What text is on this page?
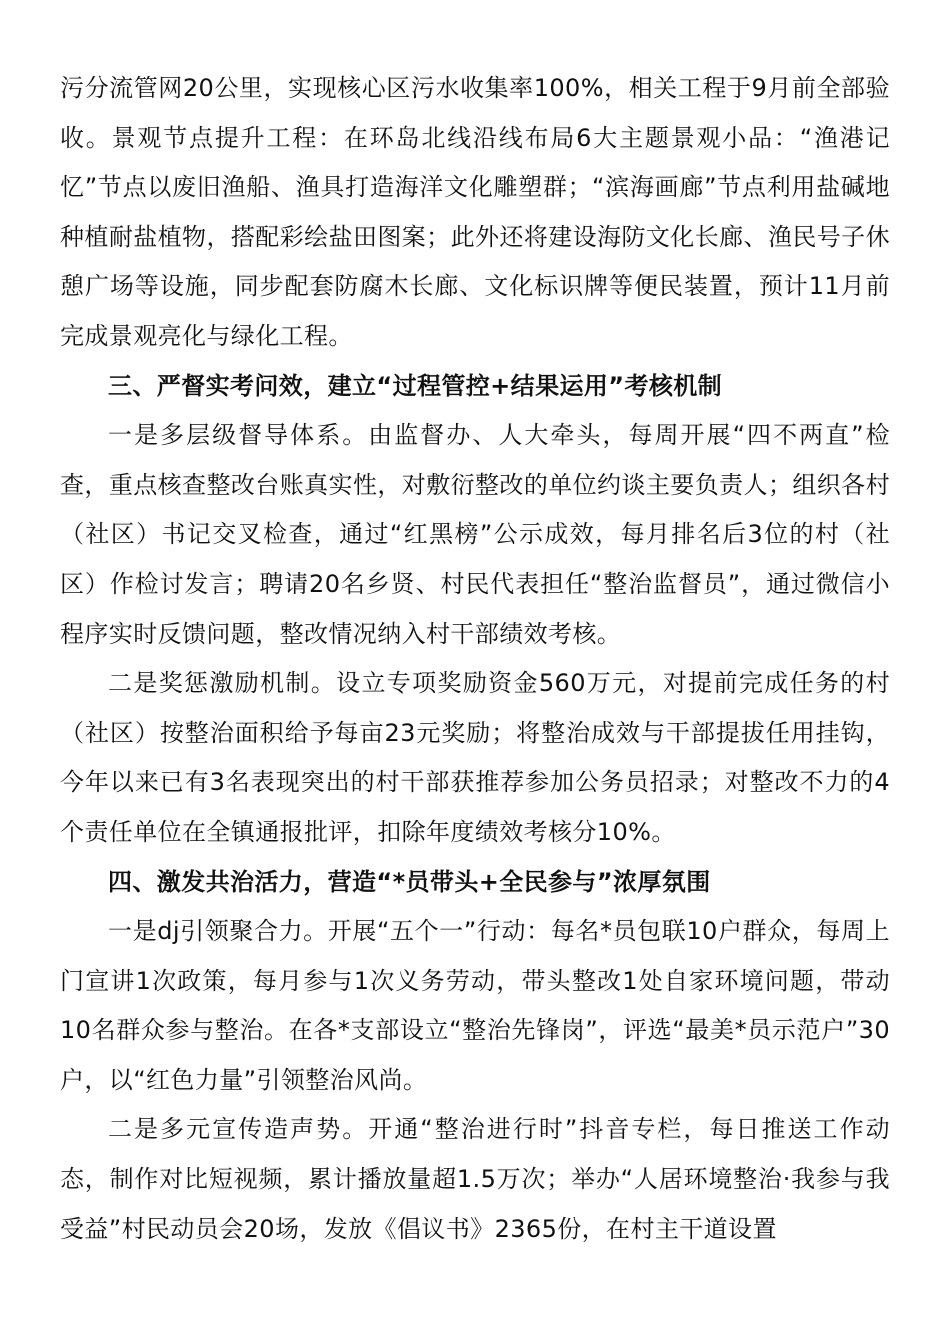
污分流管网20公里，实现核心区污水收集率100%，相关工程于9月前全部验收。景观节点提升工程：在环岛北线沿线布局6大主题景观小品：“渔港记忆”节点以废旧渔船、渔具打造海洋文化雕塑群；“滨海画廊”节点利用盐碱地种植耐盐植物，搭配彩绘盐田图案；此外还将建设海防文化长廊、渔民号子休憩广场等设施，同步配套防腐木长廊、文化标识牌等便民装置，预计11月前完成景观亮化与绿化工程。

三、严督实考问效，建立“过程管控+结果运用”考核机制

一是多层级督导体系。由监督办、人大牵头，每周开展“四不两直”检查，重点核查整改台账真实性，对敷衍整改的单位约谈主要负责人；组织各村（社区）书记交叉检查，通过“红黑榜”公示成效，每月排名后3位的村（社区）作检讨发言；聘请20名乡贤、村民代表担任“整治监督员”，通过微信小程序实时反馈问题，整改情况纳入村干部绩效考核。

二是奖惩激励机制。设立专项奖励资金560万元，对提前完成任务的村（社区）按整治面积给予每亩23元奖励；将整治成效与干部提拔任用挂钩，今年以来已有3名表现突出的村干部获推荐参加公务员招录；对整改不力的4个责任单位在全镇通报批评，扣除年度绩效考核分10%。

四、激发共治活力，营造“*员带头+全民参与”浓厚氛围

一是dj引领聚合力。开展“五个一”行动：每名*员包联10户群众，每周上门宣讲1次政策，每月参与1次义务劳动，带头整改1处自家环境问题，带动10名群众参与整治。在各*支部设立“整治先锋岗”，评选“最美*员示范户”30户，以“红色力量”引领整治风尚。

二是多元宣传造声势。开通“整治进行时”抖音专栏，每日推送工作动态，制作对比短视频，累计播放量超1.5万次；举办“人居环境整治·我参与我受益”村民动员会20场，发放《倡议书》2365份，在村主干道设置
